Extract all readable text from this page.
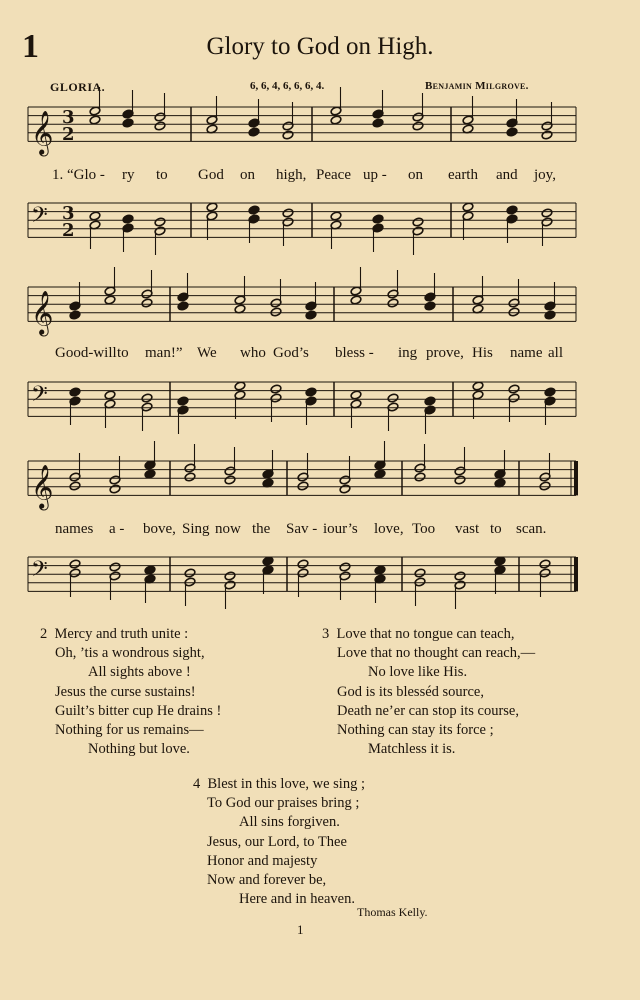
1	Glory to God on High.
GLORIA.	6, 6, 4, 6, 6, 6, 4.	Benjamin Milgrove.
𝄞 3
2
𝄢 3
2
𝄞
𝄢
𝄞
𝄢
1. “Glo - ry to God on high, Peace up - on earth and joy,
Good-will to man!” We who God’s bless - ing prove, His name all
names a - bove, Sing now the Sav - iour’s love, Too vast to scan.
2 Mercy and truth unite :
Oh, ’tis a wondrous sight,
All sights above !
Jesus the curse sustains!
Guilt’s bitter cup He drains !
Nothing for us remains—
Nothing but love.
3 Love that no tongue can teach,
Love that no thought can reach,—
No love like His.
God is its blesséd source,
Death ne’er can stop its course,
Nothing can stay its force ;
Matchless it is.
4 Blest in this love, we sing ;
To God our praises bring ;
All sins forgiven.
Jesus, our Lord, to Thee
Honor and majesty
Now and forever be,
Here and in heaven.
Thomas Kelly.
1
